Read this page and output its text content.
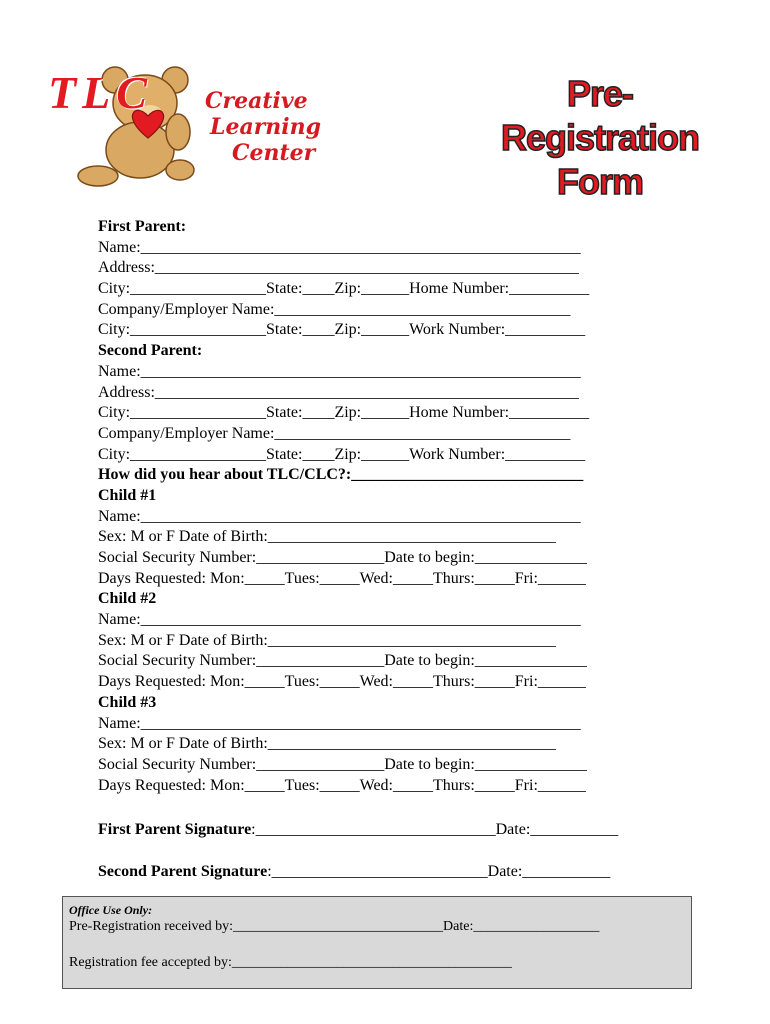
TLC Creative
Learning
Center
Pre-Registration
Form
First Parent:
Name:_______________________________________________________
Address:_____________________________________________________
City:_________________State:____Zip:______Home Number:__________
Company/Employer Name:_____________________________________
City:_________________State:____Zip:______Work Number:__________
Second Parent:
Name:_______________________________________________________
Address:_____________________________________________________
City:_________________State:____Zip:______Home Number:__________
Company/Employer Name:_____________________________________
City:_________________State:____Zip:______Work Number:__________
How did you hear about TLC/CLC?:_____________________________
Child #1
Name:_______________________________________________________
Sex: M or F Date of Birth:____________________________________
Social Security Number:________________Date to begin:______________
Days Requested: Mon:_____Tues:_____Wed:_____Thurs:_____Fri:______
Child #2
Name:_______________________________________________________
Sex: M or F Date of Birth:____________________________________
Social Security Number:________________Date to begin:______________
Days Requested: Mon:_____Tues:_____Wed:_____Thurs:_____Fri:______
Child #3
Name:_______________________________________________________
Sex: M or F Date of Birth:____________________________________
Social Security Number:________________Date to begin:______________
Days Requested: Mon:_____Tues:_____Wed:_____Thurs:_____Fri:______
First Parent Signature:______________________________Date:___________
Second Parent Signature:___________________________Date:___________
Office Use Only:
Pre-Registration received by:______________________________Date:__________________
Registration fee accepted by:________________________________________
